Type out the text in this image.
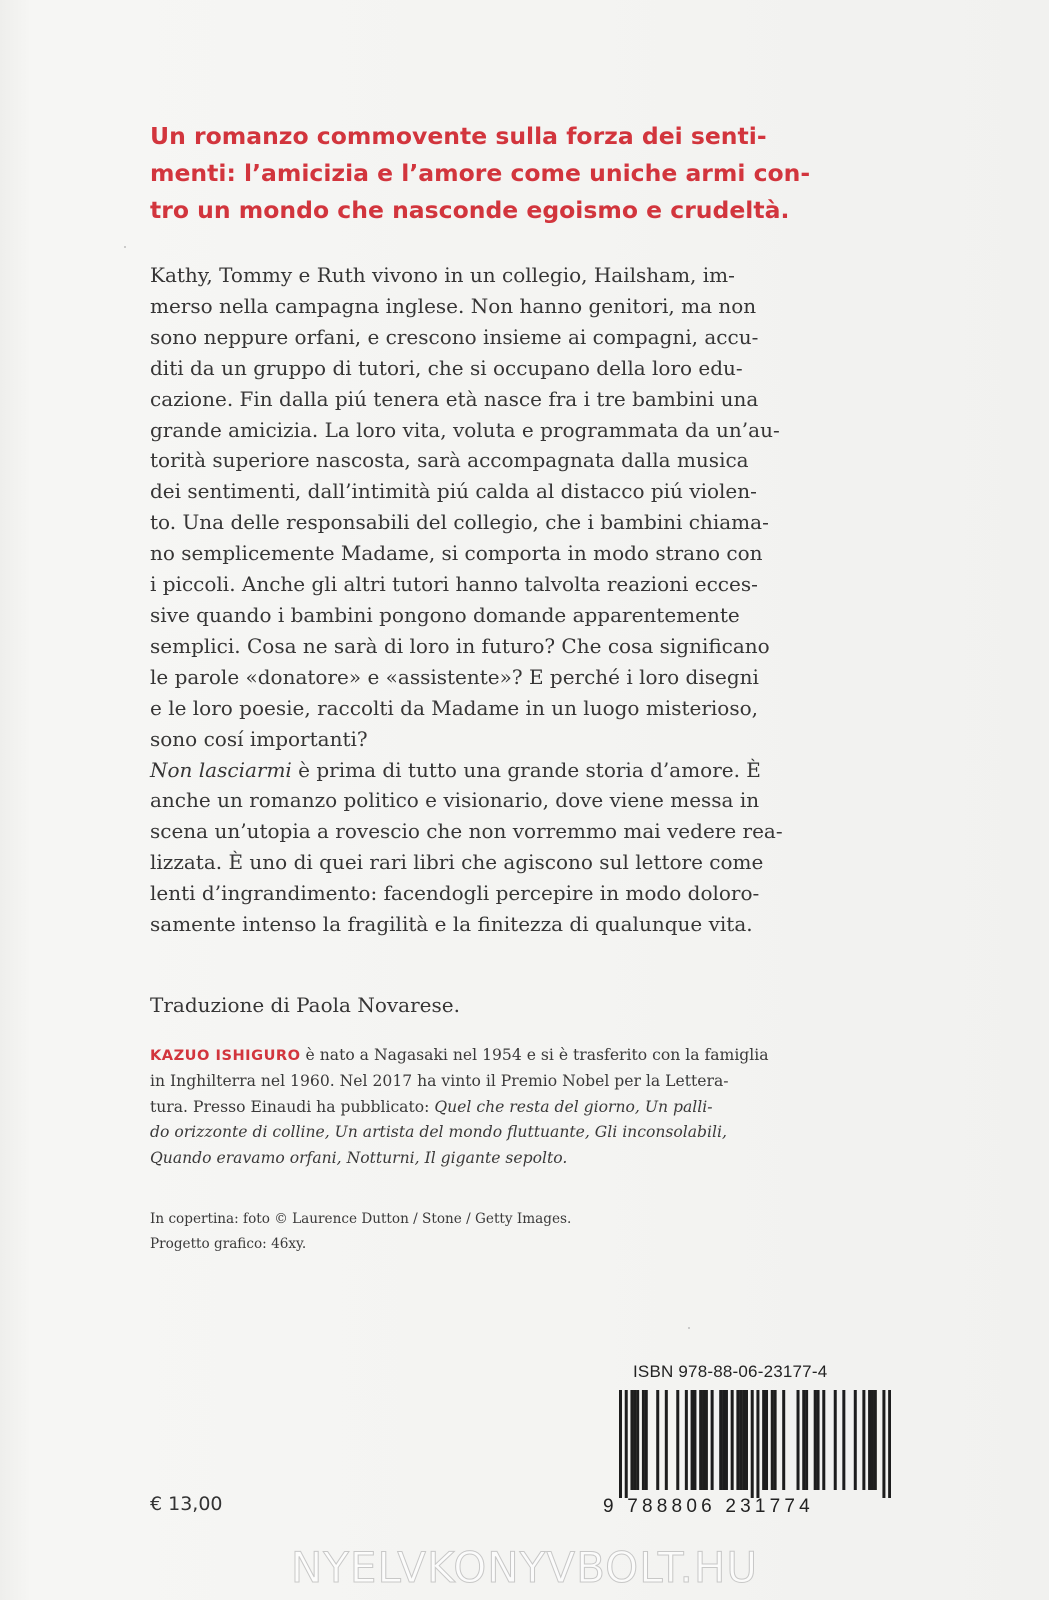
Un romanzo commovente sulla forza dei senti-
menti: l’amicizia e l’amore come uniche armi con-
tro un mondo che nasconde egoismo e crudeltà.
Kathy, Tommy e Ruth vivono in un collegio, Hailsham, im-
merso nella campagna inglese. Non hanno genitori, ma non
sono neppure orfani, e crescono insieme ai compagni, accu-
diti da un gruppo di tutori, che si occupano della loro edu-
cazione. Fin dalla piú tenera età nasce fra i tre bambini una
grande amicizia. La loro vita, voluta e programmata da un’au-
torità superiore nascosta, sarà accompagnata dalla musica
dei sentimenti, dall’intimità piú calda al distacco piú violen-
to. Una delle responsabili del collegio, che i bambini chiama-
no semplicemente Madame, si comporta in modo strano con
i piccoli. Anche gli altri tutori hanno talvolta reazioni ecces-
sive quando i bambini pongono domande apparentemente
semplici. Cosa ne sarà di loro in futuro? Che cosa significano
le parole «donatore» e «assistente»? E perché i loro disegni
e le loro poesie, raccolti da Madame in un luogo misterioso,
sono cosí importanti?
Non lasciarmi è prima di tutto una grande storia d’amore. È
anche un romanzo politico e visionario, dove viene messa in
scena un’utopia a rovescio che non vorremmo mai vedere rea-
lizzata. È uno di quei rari libri che agiscono sul lettore come
lenti d’ingrandimento: facendogli percepire in modo doloro-
samente intenso la fragilità e la finitezza di qualunque vita.
Traduzione di Paola Novarese.
KAZUO ISHIGURO è nato a Nagasaki nel 1954 e si è trasferito con la famiglia
in Inghilterra nel 1960. Nel 2017 ha vinto il Premio Nobel per la Lettera-
tura. Presso Einaudi ha pubblicato: Quel che resta del giorno, Un palli-
do orizzonte di colline, Un artista del mondo fluttuante, Gli inconsolabili,
Quando eravamo orfani, Notturni, Il gigante sepolto.
In copertina: foto © Laurence Dutton / Stone / Getty Images.
Progetto grafico: 46xy.
€ 13,00
ISBN 978-88-06-23177-4
9 788806 231774
NYELVKONYVBOLT.HU
